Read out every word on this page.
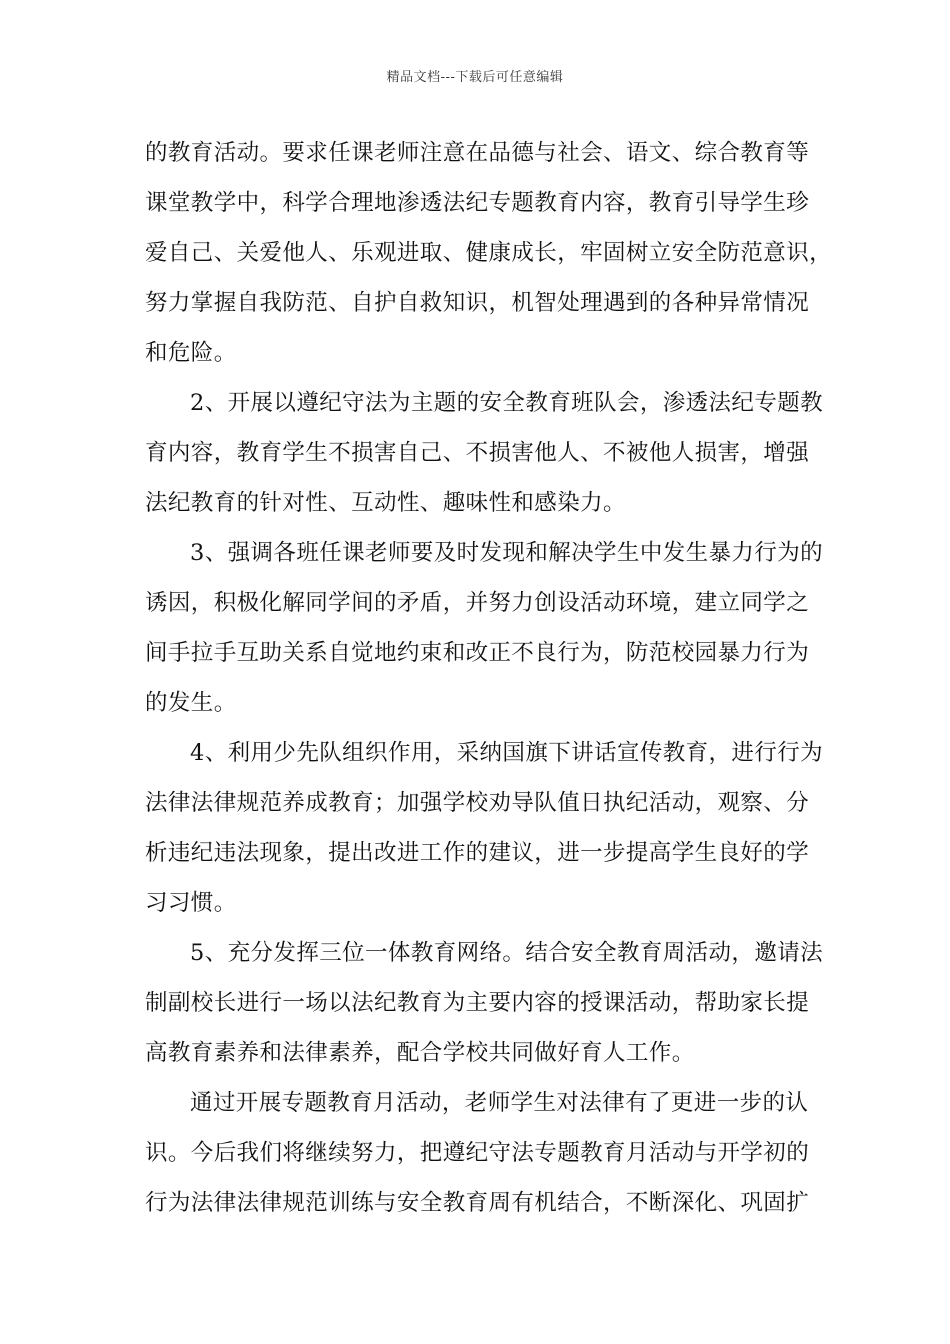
精品文档---下载后可任意编辑
的教育活动。要求任课老师注意在品德与社会、语文、综合教育等
课堂教学中，科学合理地渗透法纪专题教育内容，教育引导学生珍
爱自己、关爱他人、乐观进取、健康成长，牢固树立安全防范意识，
努力掌握自我防范、自护自救知识，机智处理遇到的各种异常情况
和危险。
2、开展以遵纪守法为主题的安全教育班队会，渗透法纪专题教
育内容，教育学生不损害自己、不损害他人、不被他人损害，增强
法纪教育的针对性、互动性、趣味性和感染力。
3、强调各班任课老师要及时发现和解决学生中发生暴力行为的
诱因，积极化解同学间的矛盾，并努力创设活动环境，建立同学之
间手拉手互助关系自觉地约束和改正不良行为，防范校园暴力行为
的发生。
4、利用少先队组织作用，采纳国旗下讲话宣传教育，进行行为
法律法律规范养成教育；加强学校劝导队值日执纪活动，观察、分
析违纪违法现象，提出改进工作的建议，进一步提高学生良好的学
习习惯。
5、充分发挥三位一体教育网络。结合安全教育周活动，邀请法
制副校长进行一场以法纪教育为主要内容的授课活动，帮助家长提
高教育素养和法律素养，配合学校共同做好育人工作。
通过开展专题教育月活动，老师学生对法律有了更进一步的认
识。今后我们将继续努力，把遵纪守法专题教育月活动与开学初的
行为法律法律规范训练与安全教育周有机结合，不断深化、巩固扩
